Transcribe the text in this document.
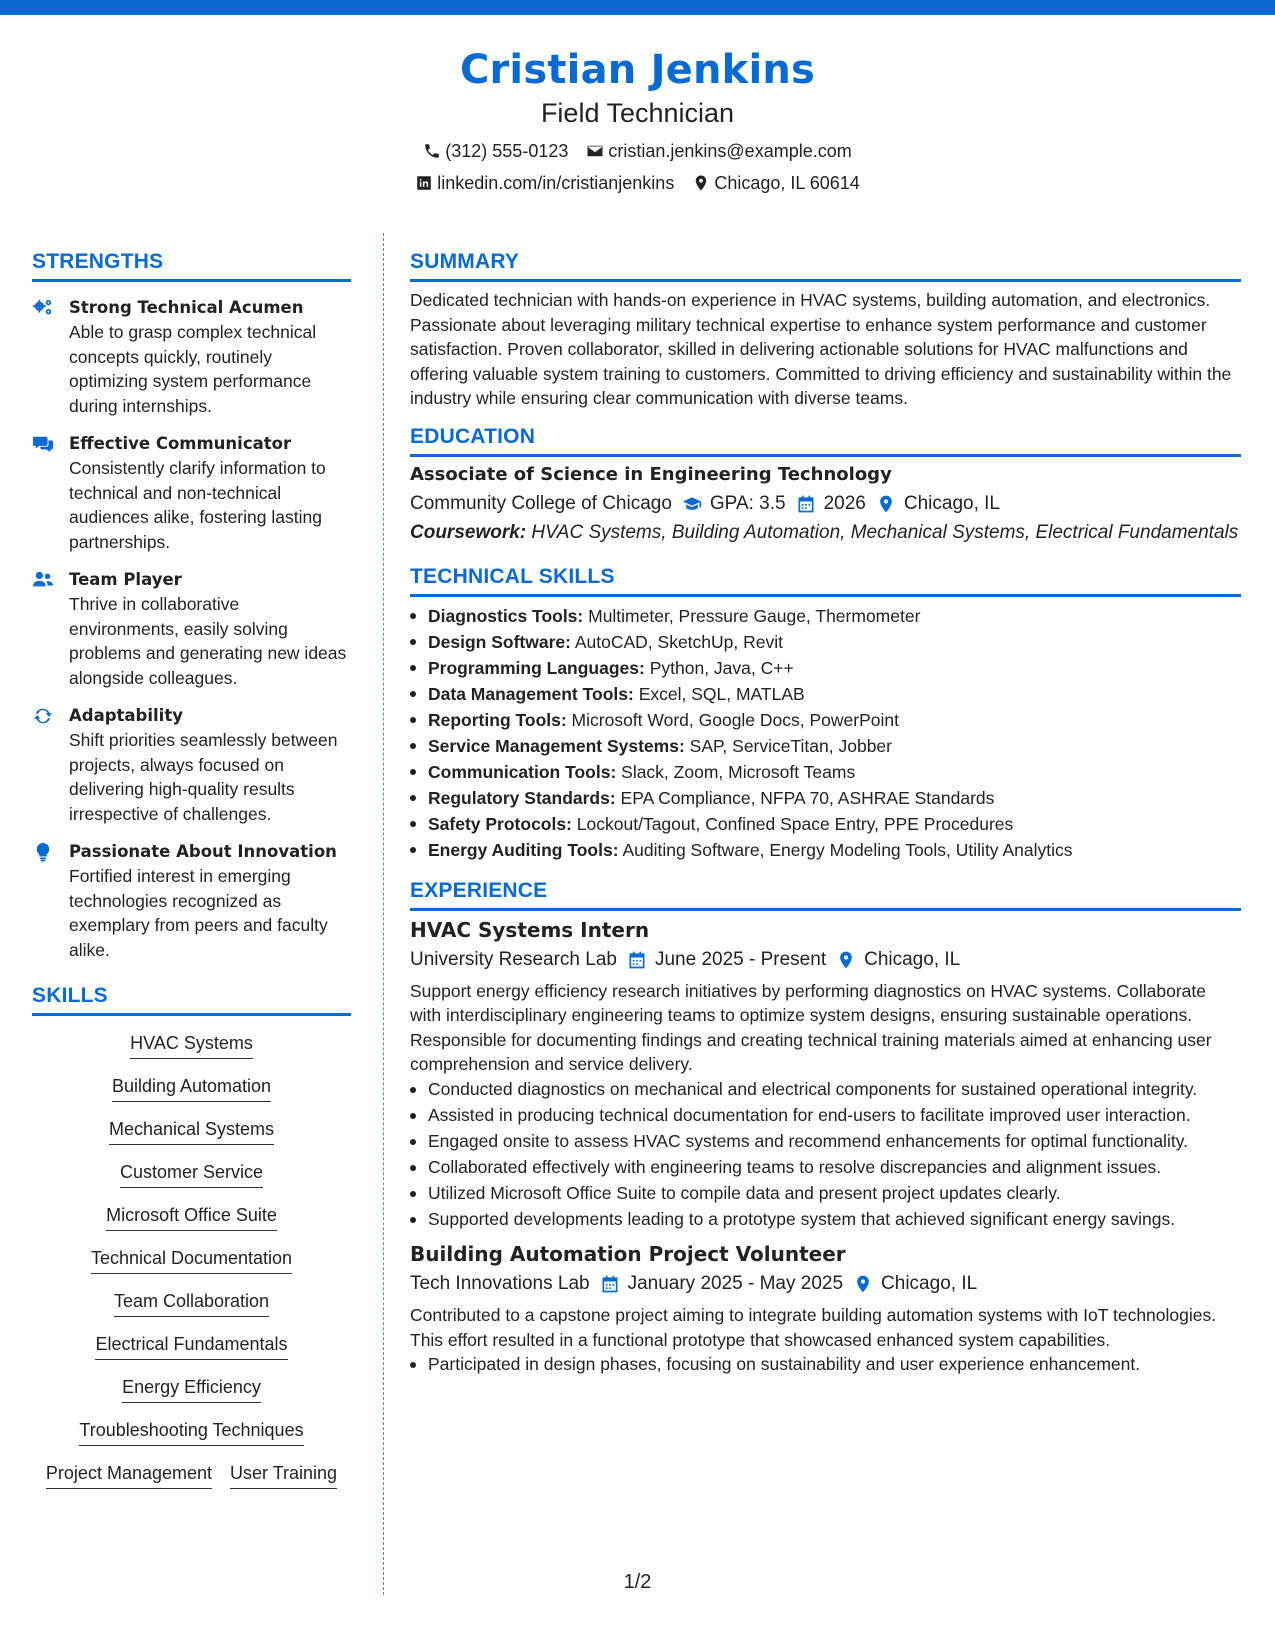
Cristian Jenkins
Field Technician
(312) 555-0123 cristian.jenkins@example.com
linkedin.com/in/cristianjenkins Chicago, IL 60614
STRENGTHS
Strong Technical Acumen
Able to grasp complex technical concepts quickly, routinely optimizing system performance during internships.
Effective Communicator
Consistently clarify information to technical and non-technical audiences alike, fostering lasting partnerships.
Team Player
Thrive in collaborative environments, easily solving problems and generating new ideas alongside colleagues.
Adaptability
Shift priorities seamlessly between projects, always focused on delivering high-quality results irrespective of challenges.
Passionate About Innovation
Fortified interest in emerging technologies recognized as exemplary from peers and faculty alike.
SKILLS
HVAC Systems
Building Automation
Mechanical Systems
Customer Service
Microsoft Office Suite
Technical Documentation
Team Collaboration
Electrical Fundamentals
Energy Efficiency
Troubleshooting Techniques
Project Management User Training
SUMMARY
Dedicated technician with hands-on experience in HVAC systems, building automation, and electronics. Passionate about leveraging military technical expertise to enhance system performance and customer satisfaction. Proven collaborator, skilled in delivering actionable solutions for HVAC malfunctions and offering valuable system training to customers. Committed to driving efficiency and sustainability within the industry while ensuring clear communication with diverse teams.
EDUCATION
Associate of Science in Engineering Technology
Community College of Chicago GPA: 3.5 2026 Chicago, IL
Coursework: HVAC Systems, Building Automation, Mechanical Systems, Electrical Fundamentals
TECHNICAL SKILLS
Diagnostics Tools: Multimeter, Pressure Gauge, Thermometer
Design Software: AutoCAD, SketchUp, Revit
Programming Languages: Python, Java, C++
Data Management Tools: Excel, SQL, MATLAB
Reporting Tools: Microsoft Word, Google Docs, PowerPoint
Service Management Systems: SAP, ServiceTitan, Jobber
Communication Tools: Slack, Zoom, Microsoft Teams
Regulatory Standards: EPA Compliance, NFPA 70, ASHRAE Standards
Safety Protocols: Lockout/Tagout, Confined Space Entry, PPE Procedures
Energy Auditing Tools: Auditing Software, Energy Modeling Tools, Utility Analytics
EXPERIENCE
HVAC Systems Intern
University Research Lab June 2025 - Present Chicago, IL
Support energy efficiency research initiatives by performing diagnostics on HVAC systems. Collaborate with interdisciplinary engineering teams to optimize system designs, ensuring sustainable operations. Responsible for documenting findings and creating technical training materials aimed at enhancing user comprehension and service delivery.
Conducted diagnostics on mechanical and electrical components for sustained operational integrity.
Assisted in producing technical documentation for end-users to facilitate improved user interaction.
Engaged onsite to assess HVAC systems and recommend enhancements for optimal functionality.
Collaborated effectively with engineering teams to resolve discrepancies and alignment issues.
Utilized Microsoft Office Suite to compile data and present project updates clearly.
Supported developments leading to a prototype system that achieved significant energy savings.
Building Automation Project Volunteer
Tech Innovations Lab January 2025 - May 2025 Chicago, IL
Contributed to a capstone project aiming to integrate building automation systems with IoT technologies. This effort resulted in a functional prototype that showcased enhanced system capabilities.
Participated in design phases, focusing on sustainability and user experience enhancement.
1/2
